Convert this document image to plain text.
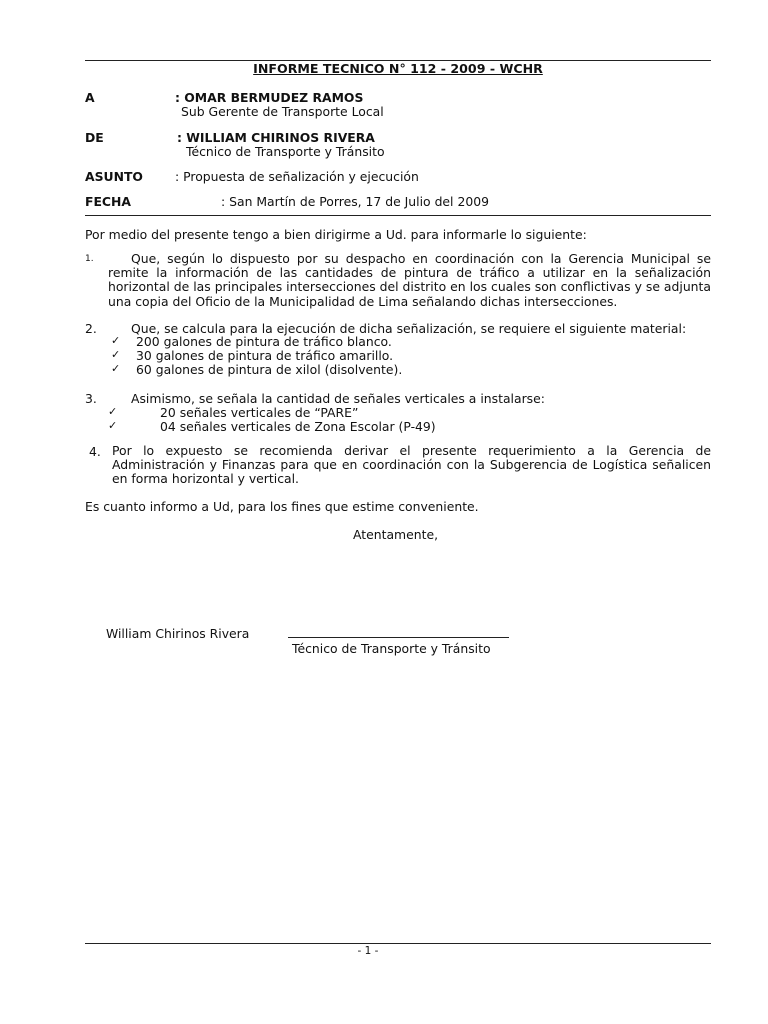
INFORME TECNICO N° 112 - 2009 - WCHR
A	: OMAR BERMUDEZ RAMOS
Sub Gerente de Transporte Local
DE	: WILLIAM CHIRINOS RIVERA
Técnico de Transporte y Tránsito
ASUNTO	: Propuesta de señalización y ejecución
FECHA	: San Martín de Porres, 17 de Julio del 2009
Por medio del presente tengo a bien dirigirme a Ud. para informarle lo siguiente:
1.	Que, según lo dispuesto por su despacho en coordinación con la Gerencia Municipal se remite la información de las cantidades de pintura de tráfico a utilizar en la señalización horizontal de las principales intersecciones del distrito en los cuales son conflictivas y se adjunta una copia del Oficio de la Municipalidad de Lima señalando dichas intersecciones.
2.	Que, se calcula para la ejecución de dicha señalización, se requiere el siguiente material:
✓ 200 galones de pintura de tráfico blanco.
✓ 30 galones de pintura de tráfico amarillo.
✓ 60 galones de pintura de xilol (disolvente).
3.	Asimismo, se señala la cantidad de señales verticales a instalarse:
✓	20 señales verticales de “PARE”
✓	04 señales verticales de Zona Escolar (P-49)
4. Por lo expuesto se recomienda derivar el presente requerimiento a la Gerencia de Administración y Finanzas para que en coordinación con la Subgerencia de Logística señalicen en forma horizontal y vertical.
Es cuanto informo a Ud, para los fines que estime conveniente.
Atentamente,
William Chirinos Rivera
Técnico de Transporte y Tránsito
- 1 -
